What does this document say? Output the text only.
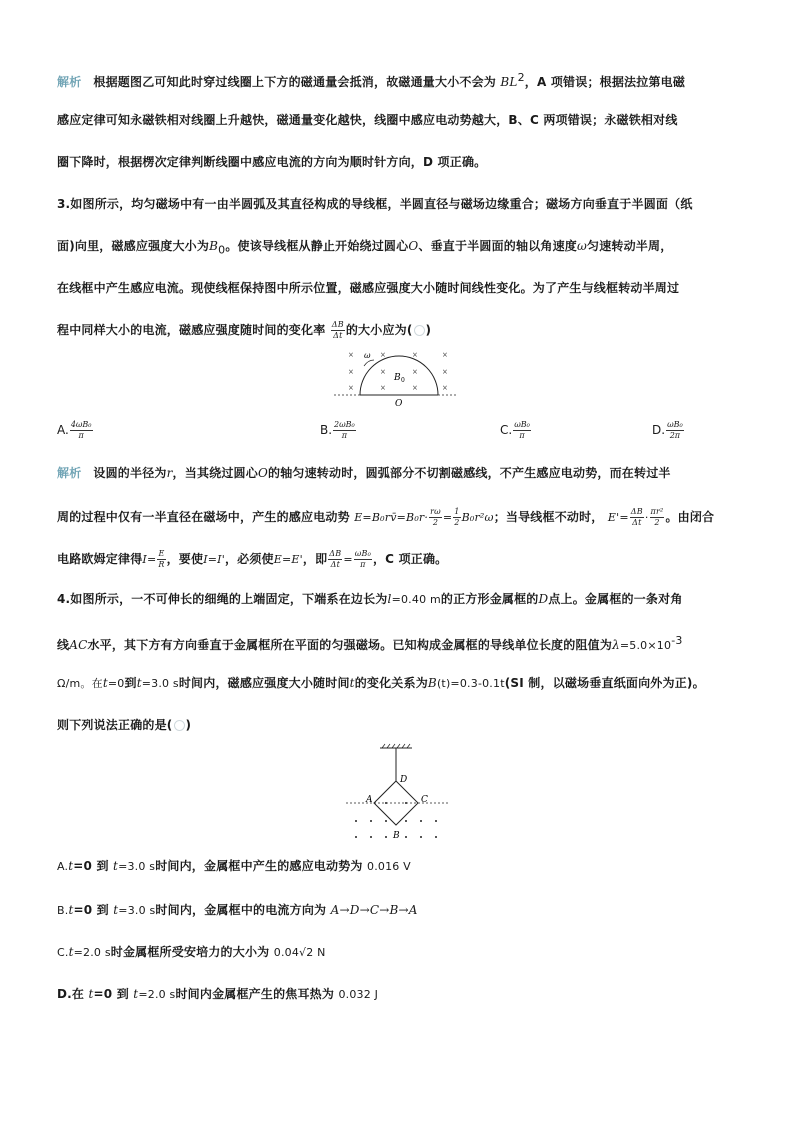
解析 根据题图乙可知此时穿过线圈上下方的磁通量会抵消，故磁通量大小不会为 $BL^2$，A 项错误；根据法拉第电磁
感应定律可知永磁铁相对线圈上升越快，磁通量变化越快，线圈中感应电动势越大，B、C 两项错误；永磁铁相对线
圈下降时，根据楞次定律判断线圈中感应电流的方向为顺时针方向，D 项正确。
3.如图所示，均匀磁场中有一由半圆弧及其直径构成的导线框，半圆直径与磁场边缘重合；磁场方向垂直于半圆面（纸
面)向里，磁感应强度大小为$B_0$。使该导线框从静止开始绕过圆心O、垂直于半圆面的轴以角速度ω匀速转动半周，
在线框中产生感应电流。现使线框保持图中所示位置，磁感应强度大小随时间线性变化。为了产生与线框转动半周过
程中同样大小的电流，磁感应强度随时间的变化率 $\frac{\Delta B}{\Delta t}$ 的大小应为( )
×	×	×	×
×	×	×	×
×	×	×	×
ω
B 0
O
A. $\frac{\text{4ωB₀}}{\pi}$	B. $\frac{\text{2ωB₀}}{\pi}$	C. $\frac{\text{ωB₀}}{\pi}$	D. $\frac{\text{ωB₀}}{2\pi}$
解析 设圆的半径为r，当其绕过圆心O的轴匀速转动时，圆弧部分不切割磁感线，不产生感应电动势，而在转过半
周的过程中仅有一半直径在磁场中，产生的感应电动势 E=B₀rv̄=B₀r· $\frac{r\omega}{2} = \frac{1}{2} B_0r^2\omega$；当导线框不动时， $E'= \frac{\Delta B}{\Delta t} \cdot \frac{\text{πr²}}{2}$ 。由闭合
电路欧姆定律得$I= \frac{E}{R}$ ，要使I=I'，必须使E=E'，即 $\frac{\Delta B}{\Delta t} = \frac{\text{ωB₀}}{\pi}$ ，C 项正确。
4.如图所示，一不可伸长的细绳的上端固定，下端系在边长为l=0.40 m的正方形金属框的D点上。金属框的一条对角
线AC水平，其下方有方向垂直于金属框所在平面的匀强磁场。已知构成金属框的导线单位长度的阻值为$\lambda=5.0\times 10^{-3}$
Ω/m。在t=0到t=3.0 s时间内，磁感应强度大小随时间t的变化关系为B(t)=0.3-0.1t(SI 制，以磁场垂直纸面向外为正)。
则下列说法正确的是( )
D
A	C
B
A.t=0 到 t=3.0 s时间内，金属框中产生的感应电动势为 0.016 V
B.t=0 到 t=3.0 s时间内，金属框中的电流方向为 A→D→C→B→A
C.t=2.0 s时金属框所受安培力的大小为 0.04√2 N
D.在 t=0 到 t=2.0 s时间内金属框产生的焦耳热为 0.032 J
